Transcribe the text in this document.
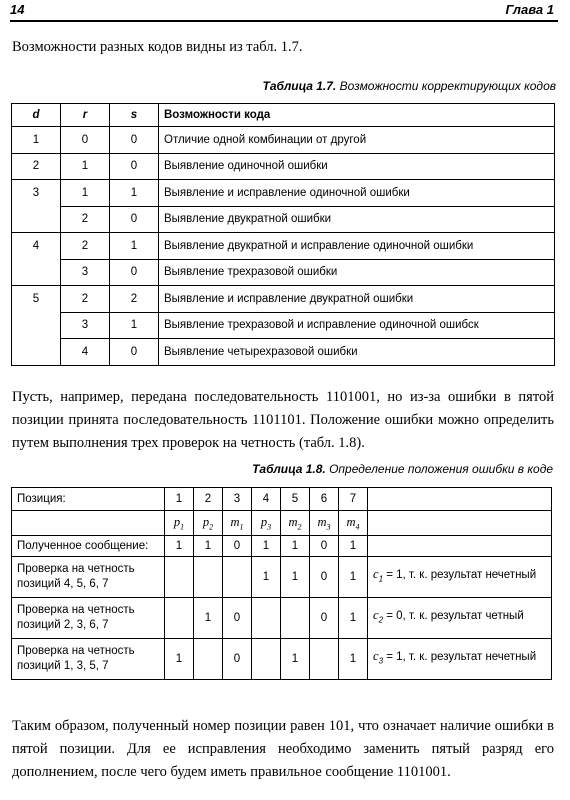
14	Глава 1
Возможности разных кодов видны из табл. 1.7.
Таблица 1.7. Возможности корректирующих кодов
d	r	s	Возможности кода
1	0	0	Отличие одной комбинации от другой
2	1	0	Выявление одиночной ошибки
3	1	1	Выявление и исправление одиночной ошибки
	2	0	Выявление двукратной ошибки
4	2	1	Выявление двукратной и исправление одиночной ошибки
	3	0	Выявление трехразовой ошибки
5	2	2	Выявление и исправление двукратной ошибки
	3	1	Выявление трехразовой и исправление одиночной ошибск
	4	0	Выявление четырехразовой ошибки
Пусть, например, передана последовательность 1101001, но из-за ошибки в пятой позиции принята последовательность 1101101. Положение ошибки можно определить путем выполнения трех проверок на четность (табл. 1.8).
Таблица 1.8. Определение положения ошибки в коде
Позиция:	1	2	3	4	5	6	7	
	$p_1$	$p_2$	$m_1$	$p_3$	$m_2$	$m_3$	$m_4$	
Полученное сообщение:	1	1	0	1	1	0	1	
Проверка на четность позиций 4, 5, 6, 7				1	1	0	1	$c_1 = 1$, т. к. результат нечетный
Проверка на четность позиций 2, 3, 6, 7		1	0			0	1	$c_2 = 0$, т. к. результат четный
Проверка на четность позиций 1, 3, 5, 7	1		0		1		1	$c_3 = 1$, т. к. результат нечетный
Таким образом, полученный номер позиции равен 101, что означает наличие ошибки в пятой позиции. Для ее исправления необходимо заменить пятый разряд его дополнением, после чего будем иметь правильное сообщение 1101001.
